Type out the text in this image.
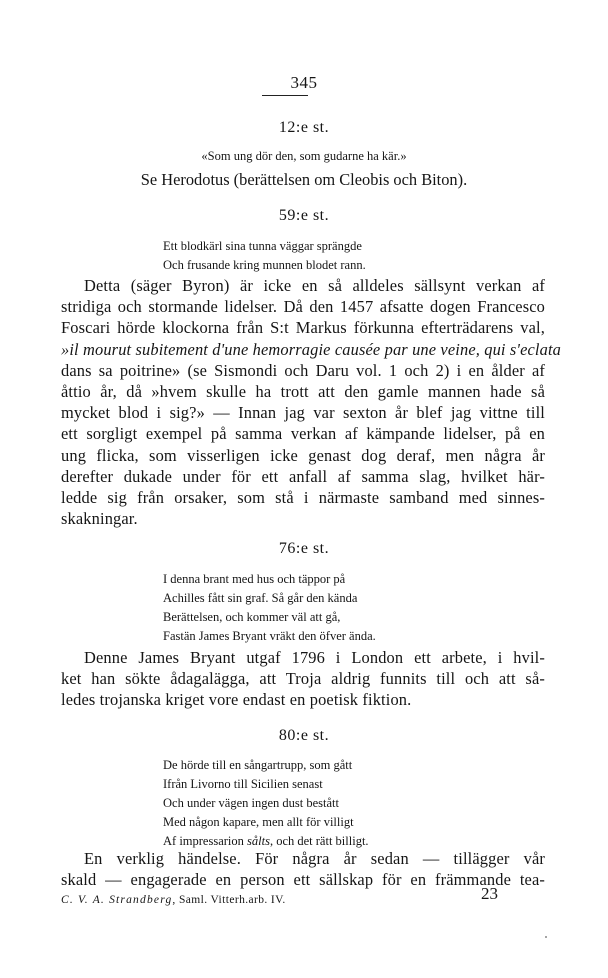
345
12:e st.
«Som ung dör den, som gudarne ha kär.»
Se Herodotus (berättelsen om Cleobis och Biton).
59:e st.
Ett blodkärl sina tunna väggar sprängde
Och frusande kring munnen blodet rann.
Detta (säger Byron) är icke en så alldeles sällsynt verkan af
stridiga och stormande lidelser. Då den 1457 afsatte dogen Francesco
Foscari hörde klockorna från S:t Markus förkunna efterträdarens val,
»il mourut subitement d'une hemorragie causée par une veine, qui s'eclata
dans sa poitrine» (se Sismondi och Daru vol. 1 och 2) i en ålder af
åttio år, då »hvem skulle ha trott att den gamle mannen hade så
mycket blod i sig?» — Innan jag var sexton år blef jag vittne till
ett sorgligt exempel på samma verkan af kämpande lidelser, på en
ung flicka, som visserligen icke genast dog deraf, men några år
derefter dukade under för ett anfall af samma slag, hvilket här-
ledde sig från orsaker, som stå i närmaste samband med sinnes-
skakningar.
76:e st.
I denna brant med hus och täppor på
Achilles fått sin graf. Så går den kända
Berättelsen, och kommer väl att gå,
Fastän James Bryant vräkt den öfver ända.
Denne James Bryant utgaf 1796 i London ett arbete, i hvil-
ket han sökte ådagalägga, att Troja aldrig funnits till och att så-
ledes trojanska kriget vore endast en poetisk fiktion.
80:e st.
De hörde till en sångartrupp, som gått
Ifrån Livorno till Sicilien senast
Och under vägen ingen dust bestått
Med någon kapare, men allt för villigt
Af impressarion sålts, och det rätt billigt.
En verklig händelse. För några år sedan — tillägger vår
skald — engagerade en person ett sällskap för en främmande tea-
C. V. A. Strandberg, Saml. Vitterh.arb. IV.	23
